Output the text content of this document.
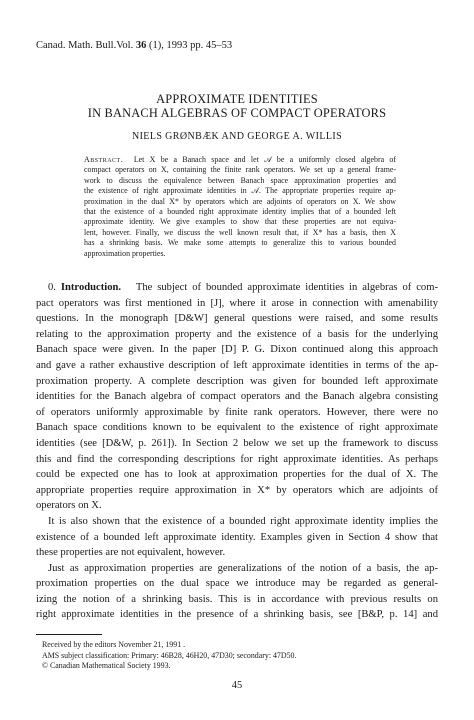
Canad. Math. Bull.Vol. 36 (1), 1993 pp. 45–53
APPROXIMATE IDENTITIES
IN BANACH ALGEBRAS OF COMPACT OPERATORS
NIELS GRØNBÆK AND GEORGE A. WILLIS
Abstract. Let X be a Banach space and let 𝒜 be a uniformly closed algebra of
compact operators on X, containing the finite rank operators. We set up a general frame-
work to discuss the equivalence between Banach space approximation properties and
the existence of right approximate identities in 𝒜. The appropriate properties require ap-
proximation in the dual X* by operators which are adjoints of operators on X. We show
that the existence of a bounded right approximate identity implies that of a bounded left
approximate identity. We give examples to show that these properties are not equiva-
lent, however. Finally, we discuss the well known result that, if X* has a basis, then X
has a shrinking basis. We make some attempts to generalize this to various bounded
approximation properties.
0. Introduction. The subject of bounded approximate identities in algebras of com-
pact operators was first mentioned in [J], where it arose in connection with amenability
questions. In the monograph [D&W] general questions were raised, and some results
relating to the approximation property and the existence of a basis for the underlying
Banach space were given. In the paper [D] P. G. Dixon continued along this approach
and gave a rather exhaustive description of left approximate identities in terms of the ap-
proximation property. A complete description was given for bounded left approximate
identities for the Banach algebra of compact operators and the Banach algebra consisting
of operators uniformly approximable by finite rank operators. However, there were no
Banach space conditions known to be equivalent to the existence of right approximate
identities (see [D&W, p. 261]). In Section 2 below we set up the framework to discuss
this and find the corresponding descriptions for right approximate identities. As perhaps
could be expected one has to look at approximation properties for the dual of X. The
appropriate properties require approximation in X* by operators which are adjoints of
operators on X.
It is also shown that the existence of a bounded right approximate identity implies the
existence of a bounded left approximate identity. Examples given in Section 4 show that
these properties are not equivalent, however.
Just as approximation properties are generalizations of the notion of a basis, the ap-
proximation properties on the dual space we introduce may be regarded as general-
izing the notion of a shrinking basis. This is in accordance with previous results on
right approximate identities in the presence of a shrinking basis, see [B&P, p. 14] and
Received by the editors November 21, 1991 .
AMS subject classification: Primary: 46B28, 46H20, 47D30; secondary: 47D50.
© Canadian Mathematical Society 1993.
45
